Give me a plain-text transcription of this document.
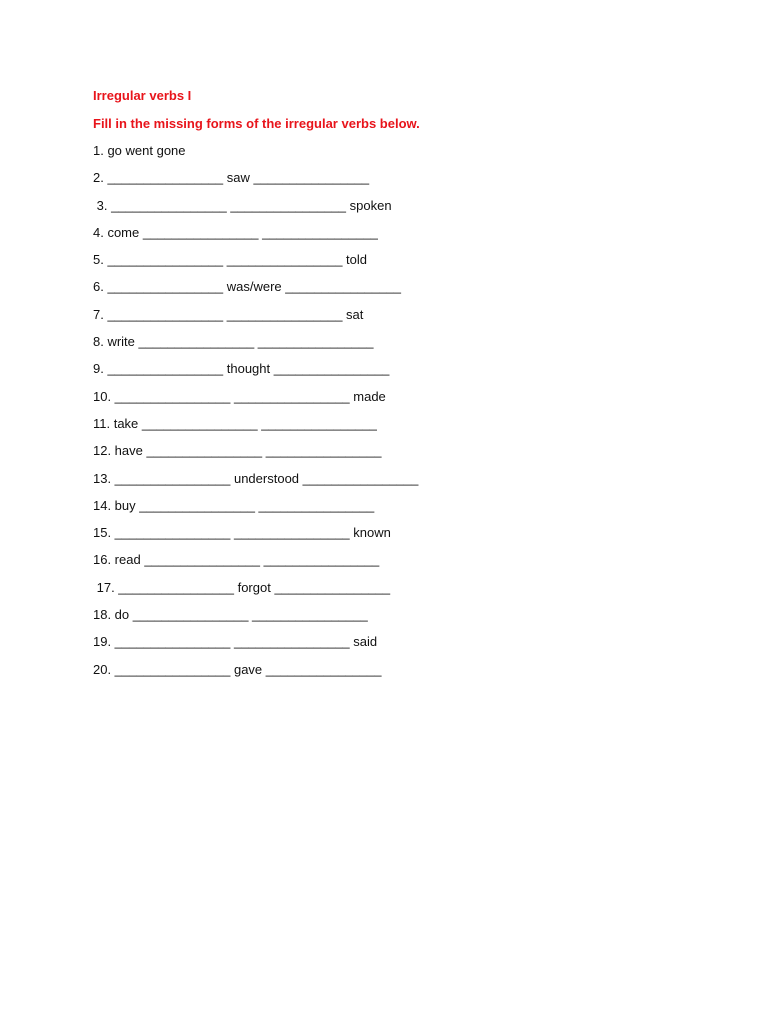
Irregular verbs I
Fill in the missing forms of the irregular verbs below.
1. go went gone
2. ________________ saw ________________
3. ________________ ________________ spoken
4. come ________________ ________________
5. ________________ ________________ told
6. ________________ was/were ________________
7. ________________ ________________ sat
8. write ________________ ________________
9. ________________ thought ________________
10. ________________ ________________ made
11. take ________________ ________________
12. have ________________ ________________
13. ________________ understood ________________
14. buy ________________ ________________
15. ________________ ________________ known
16. read ________________ ________________
17. ________________ forgot ________________
18. do ________________ ________________
19. ________________ ________________ said
20. ________________ gave ________________
